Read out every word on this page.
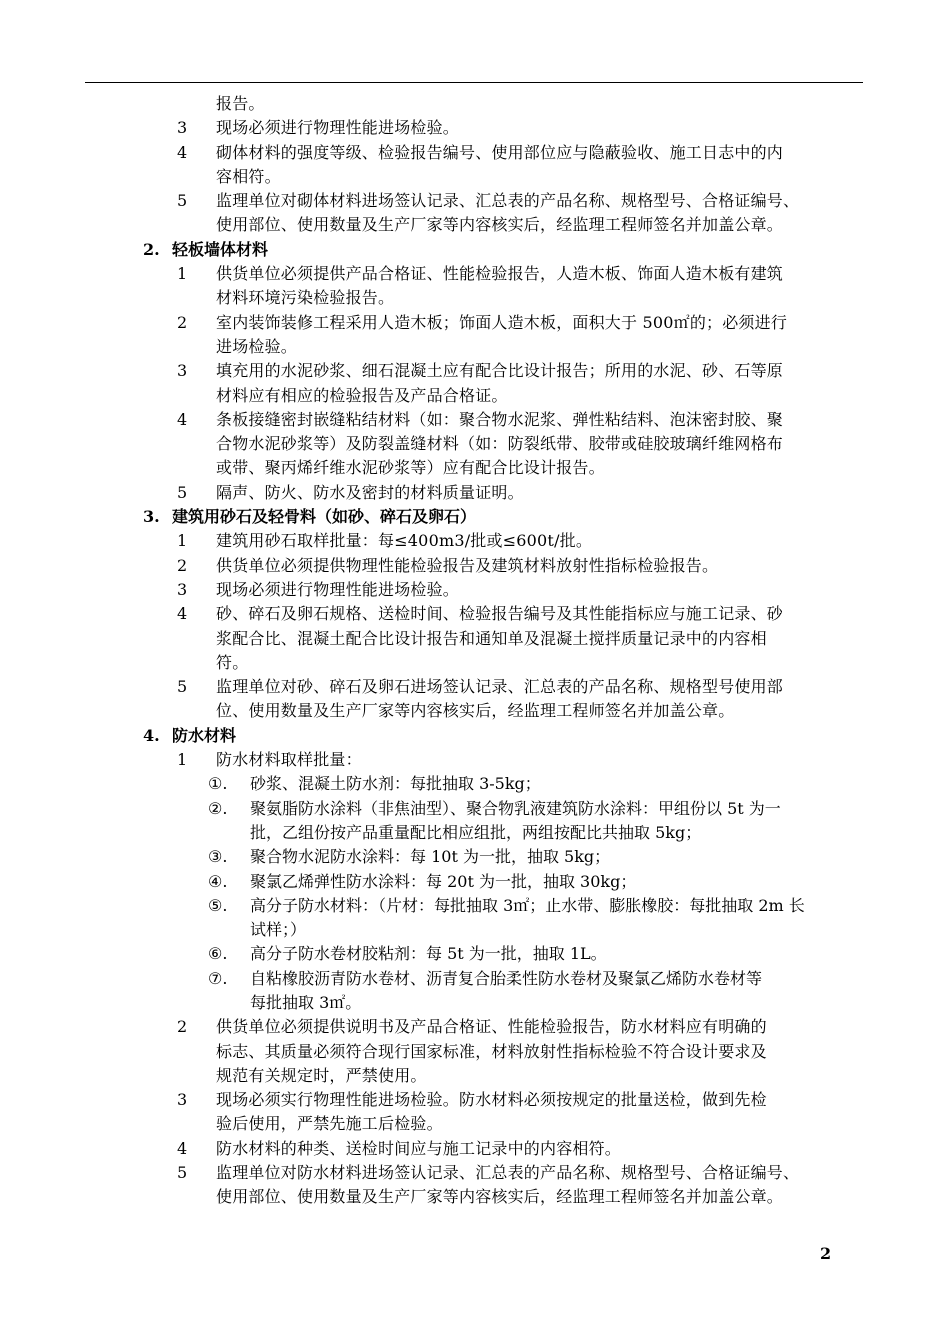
报告。
3 现场必须进行物理性能进场检验。
4 砌体材料的强度等级、检验报告编号、使用部位应与隐蔽验收、施工日志中的内
容相符。
5 监理单位对砌体材料进场签认记录、汇总表的产品名称、规格型号、合格证编号、
使用部位、使用数量及生产厂家等内容核实后，经监理工程师签名并加盖公章。
2. 轻板墙体材料
1 供货单位必须提供产品合格证、性能检验报告，人造木板、饰面人造木板有建筑
材料环境污染检验报告。
2 室内装饰装修工程采用人造木板；饰面人造木板，面积大于 500㎡的；必须进行
进场检验。
3 填充用的水泥砂浆、细石混凝土应有配合比设计报告；所用的水泥、砂、石等原
材料应有相应的检验报告及产品合格证。
4 条板接缝密封嵌缝粘结材料（如：聚合物水泥浆、弹性粘结料、泡沫密封胶、聚
合物水泥砂浆等）及防裂盖缝材料（如：防裂纸带、胶带或硅胶玻璃纤维网格布
或带、聚丙烯纤维水泥砂浆等）应有配合比设计报告。
5 隔声、防火、防水及密封的材料质量证明。
3. 建筑用砂石及轻骨料（如砂、碎石及卵石）
1 建筑用砂石取样批量：每≤400m3/批或≤600t/批。
2 供货单位必须提供物理性能检验报告及建筑材料放射性指标检验报告。
3 现场必须进行物理性能进场检验。
4 砂、碎石及卵石规格、送检时间、检验报告编号及其性能指标应与施工记录、砂
浆配合比、混凝土配合比设计报告和通知单及混凝土搅拌质量记录中的内容相
符。
5 监理单位对砂、碎石及卵石进场签认记录、汇总表的产品名称、规格型号使用部
位、使用数量及生产厂家等内容核实后，经监理工程师签名并加盖公章。
4. 防水材料
1 防水材料取样批量：
①. 砂浆、混凝土防水剂：每批抽取 3-5kg；
②. 聚氨脂防水涂料（非焦油型）、聚合物乳液建筑防水涂料：甲组份以 5t 为一
批，乙组份按产品重量配比相应组批，两组按配比共抽取 5kg；
③. 聚合物水泥防水涂料：每 10t 为一批，抽取 5kg；
④. 聚氯乙烯弹性防水涂料：每 20t 为一批，抽取 30kg；
⑤. 高分子防水材料：（片材：每批抽取 3㎡；止水带、膨胀橡胶：每批抽取 2m 长
试样；）
⑥. 高分子防水卷材胶粘剂：每 5t 为一批，抽取 1L。
⑦. 自粘橡胶沥青防水卷材、沥青复合胎柔性防水卷材及聚氯乙烯防水卷材等
每批抽取 3㎡。
2 供货单位必须提供说明书及产品合格证、性能检验报告，防水材料应有明确的
标志、其质量必须符合现行国家标准，材料放射性指标检验不符合设计要求及
规范有关规定时，严禁使用。
3 现场必须实行物理性能进场检验。防水材料必须按规定的批量送检，做到先检
验后使用，严禁先施工后检验。
4 防水材料的种类、送检时间应与施工记录中的内容相符。
5 监理单位对防水材料进场签认记录、汇总表的产品名称、规格型号、合格证编号、
使用部位、使用数量及生产厂家等内容核实后，经监理工程师签名并加盖公章。
2
